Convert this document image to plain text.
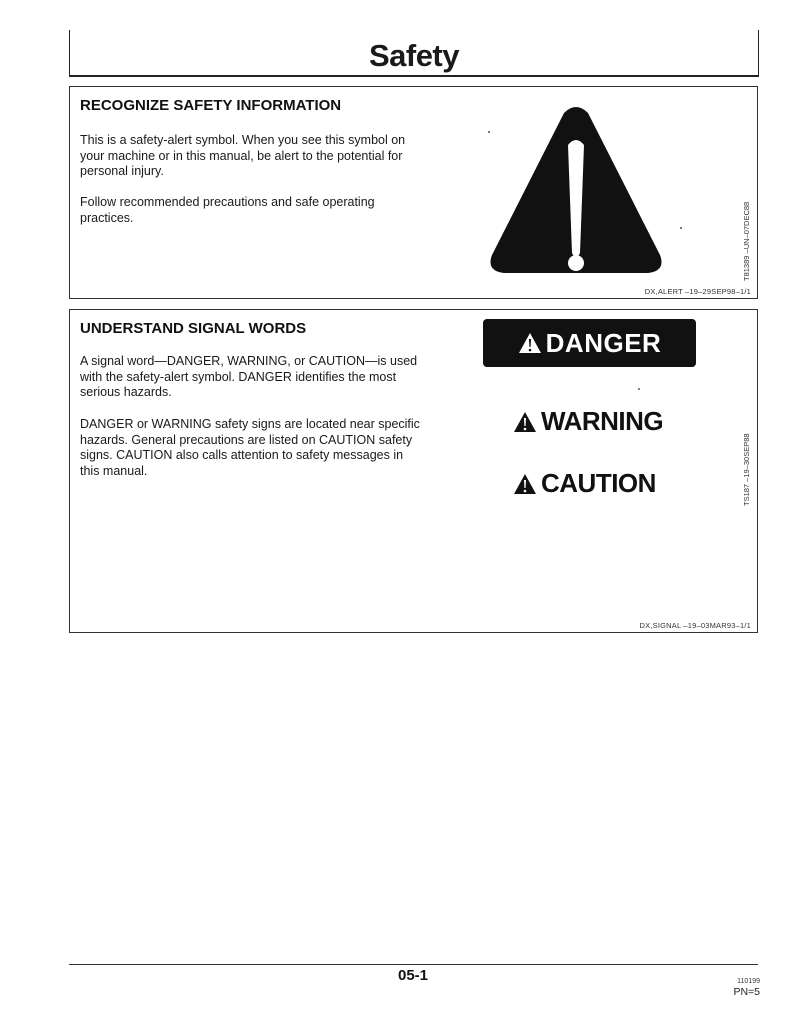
Safety
RECOGNIZE SAFETY INFORMATION

This is a safety-alert symbol. When you see this symbol on your machine or in this manual, be alert to the potential for personal injury.

Follow recommended precautions and safe operating practices.	T81389 –UN–07DEC88
DX,ALERT –19–29SEP98–1/1
UNDERSTAND SIGNAL WORDS

A signal word—DANGER, WARNING, or CAUTION—is used with the safety-alert symbol. DANGER identifies the most serious hazards.

DANGER or WARNING safety signs are located near specific hazards. General precautions are listed on CAUTION safety signs. CAUTION also calls attention to safety messages in this manual.

DANGER
WARNING
CAUTION	TS187 –19–30SEP88
DX,SIGNAL –19–03MAR93–1/1
05-1	110199
PN=5
